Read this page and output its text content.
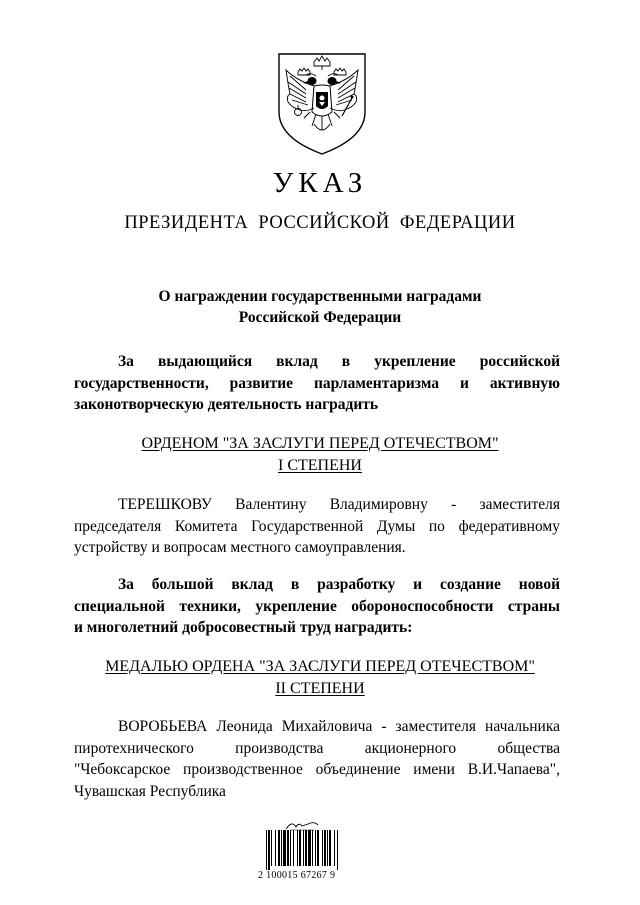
УКАЗ
ПРЕЗИДЕНТА РОССИЙСКОЙ ФЕДЕРАЦИИ
О награждении государственными наградами
Российской Федерации
За выдающийся вклад в укрепление российской
государственности, развитие парламентаризма и активную
законотворческую деятельность наградить
ОРДЕНОМ "ЗА ЗАСЛУГИ ПЕРЕД ОТЕЧЕСТВОМ"
I СТЕПЕНИ
ТЕРЕШКОВУ Валентину Владимировну - заместителя
председателя Комитета Государственной Думы по федеративному
устройству и вопросам местного самоуправления.
За большой вклад в разработку и создание новой
специальной техники, укрепление обороноспособности страны
и многолетний добросовестный труд наградить:
МЕДАЛЬЮ ОРДЕНА "ЗА ЗАСЛУГИ ПЕРЕД ОТЕЧЕСТВОМ"
II СТЕПЕНИ
ВОРОБЬЕВА Леонида Михайловича - заместителя начальника
пиротехнического производства акционерного общества
"Чебоксарское производственное объединение имени В.И.Чапаева",
Чувашская Республика
2 100015 67267 9
